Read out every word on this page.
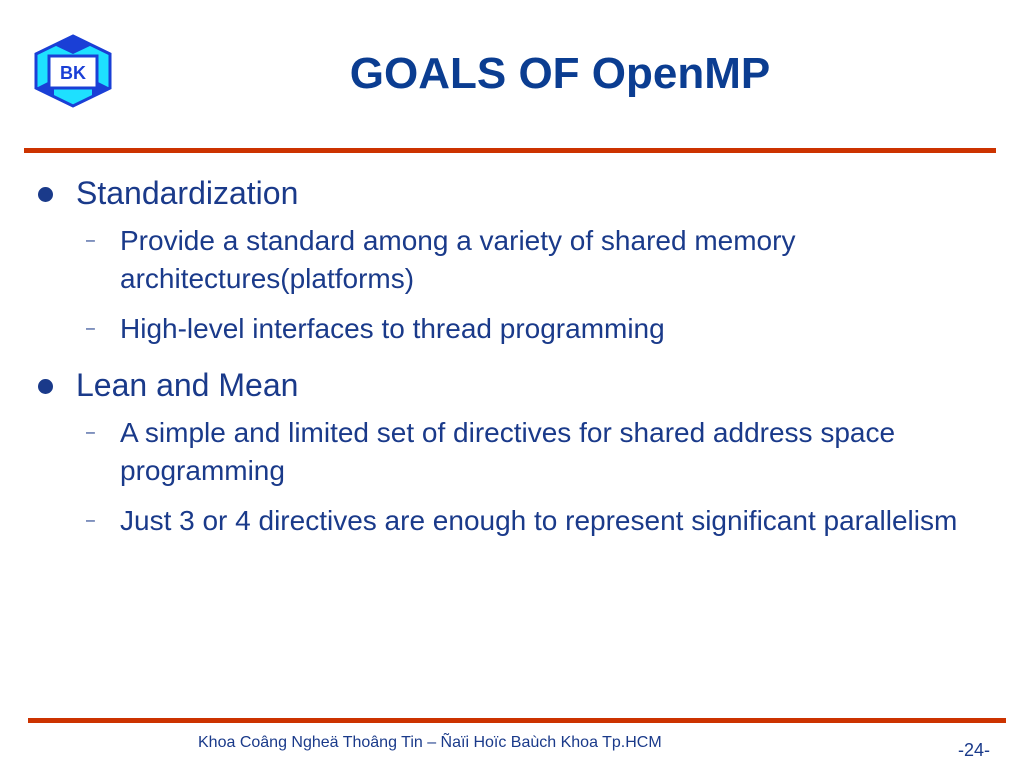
BK	GOALS OF OpenMP
Standardization
– Provide a standard among a variety of shared memory architectures(platforms)
– High-level interfaces to thread programming
Lean and Mean
– A simple and limited set of directives for shared address space programming
– Just 3 or 4 directives are enough to represent significant parallelism
Khoa Coâng Ngheä Thoâng Tin – Ñaïi Hoïc Baùch Khoa Tp.HCM	-24-
